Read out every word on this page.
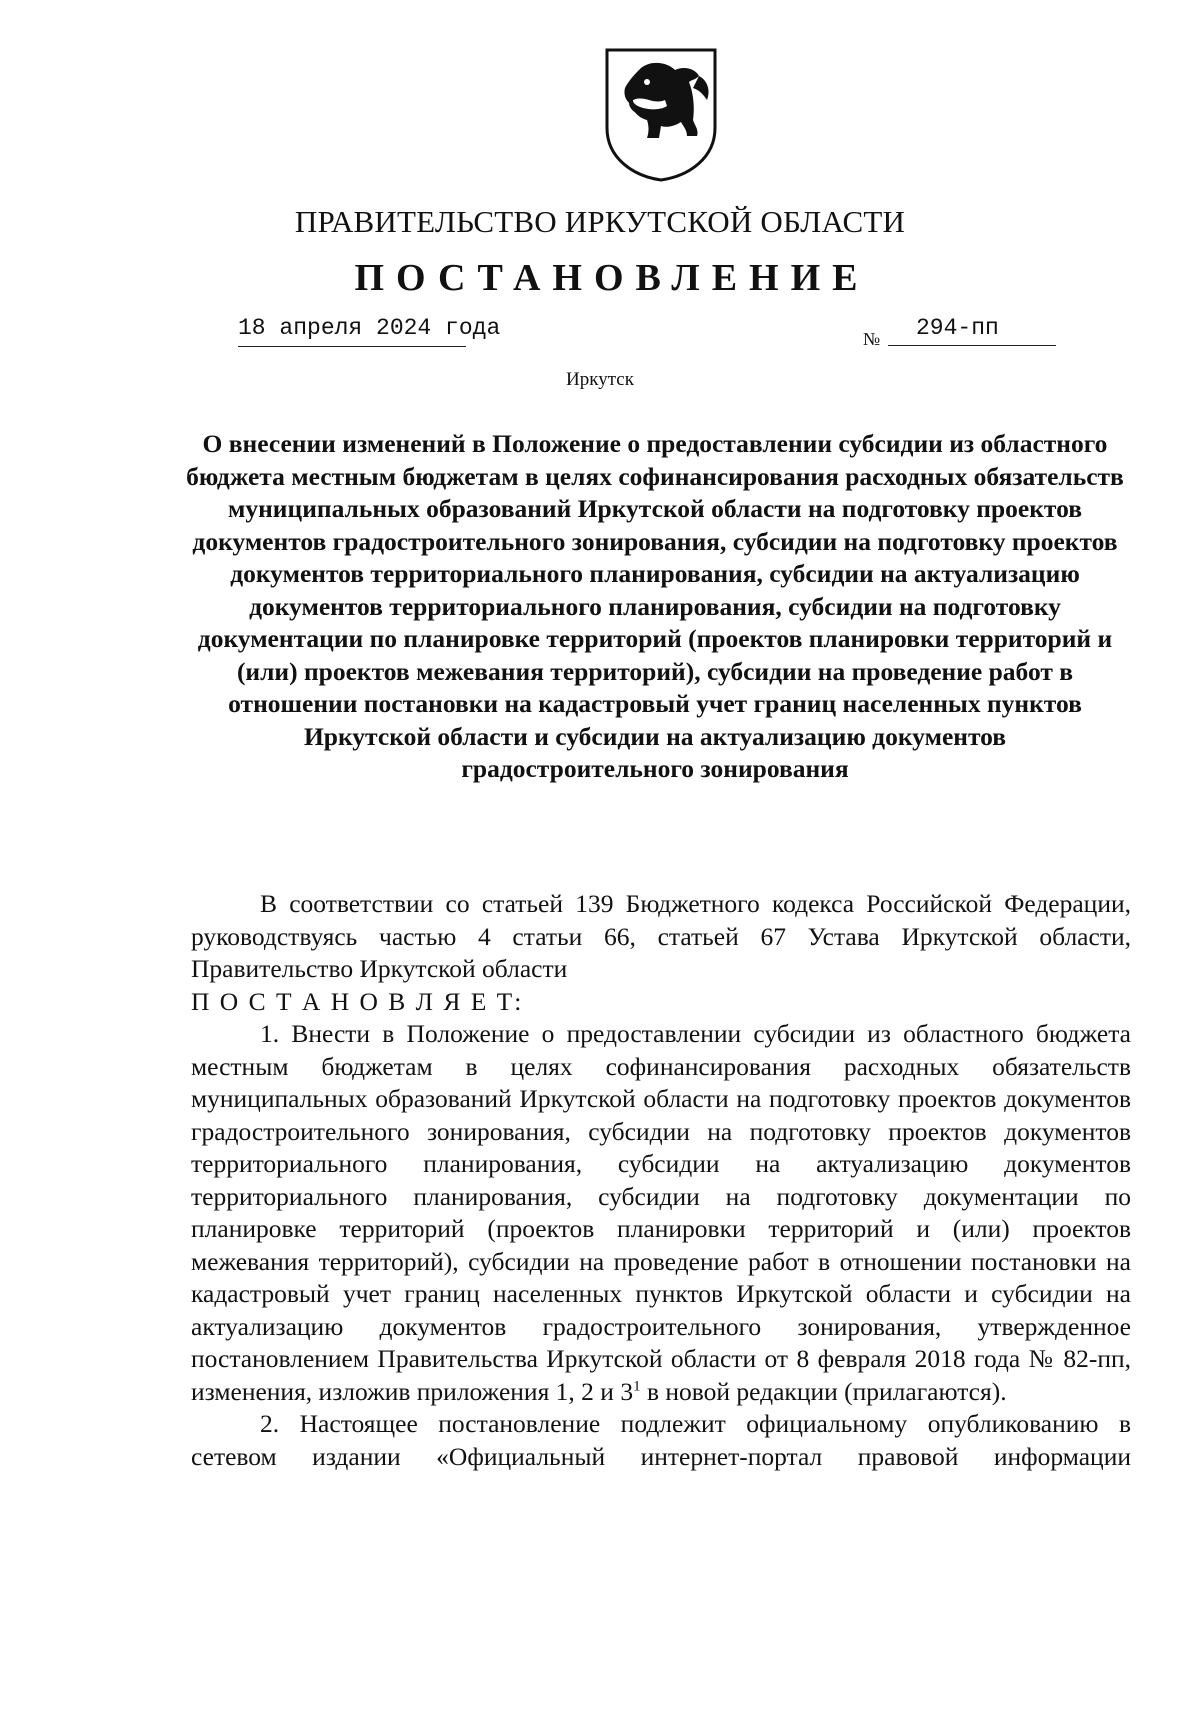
ПРАВИТЕЛЬСТВО ИРКУТСКОЙ ОБЛАСТИ
ПОСТАНОВЛЕНИЕ
18 апреля 2024 года	№	294-пп
Иркутск
О внесении изменений в Положение о предоставлении субсидии из областного бюджета местным бюджетам в целях софинансирования расходных обязательств муниципальных образований Иркутской области на подготовку проектов документов градостроительного зонирования, субсидии на подготовку проектов документов территориального планирования, субсидии на актуализацию документов территориального планирования, субсидии на подготовку документации по планировке территорий (проектов планировки территорий и (или) проектов межевания территорий), субсидии на проведение работ в отношении постановки на кадастровый учет границ населенных пунктов Иркутской области и субсидии на актуализацию документов градостроительного зонирования

В соответствии со статьей 139 Бюджетного кодекса Российской Федерации, руководствуясь частью 4 статьи 66, статьей 67 Устава Иркутской области, Правительство Иркутской области

П О С Т А Н О В Л Я Е Т:

1. Внести в Положение о предоставлении субсидии из областного бюджета местным бюджетам в целях софинансирования расходных обязательств муниципальных образований Иркутской области на подготовку проектов документов градостроительного зонирования, субсидии на подготовку проектов документов территориального планирования, субсидии на актуализацию документов территориального планирования, субсидии на подготовку документации по планировке территорий (проектов планировки территорий и (или) проектов межевания территорий), субсидии на проведение работ в отношении постановки на кадастровый учет границ населенных пунктов Иркутской области и субсидии на актуализацию документов градостроительного зонирования, утвержденное постановлением Правительства Иркутской области от 8 февраля 2018 года № 82-пп, изменения, изложив приложения 1, 2 и $3^1$ в новой редакции (прилагаются).

2. Настоящее постановление подлежит официальному опубликованию в сетевом издании «Официальный интернет-портал правовой информации
